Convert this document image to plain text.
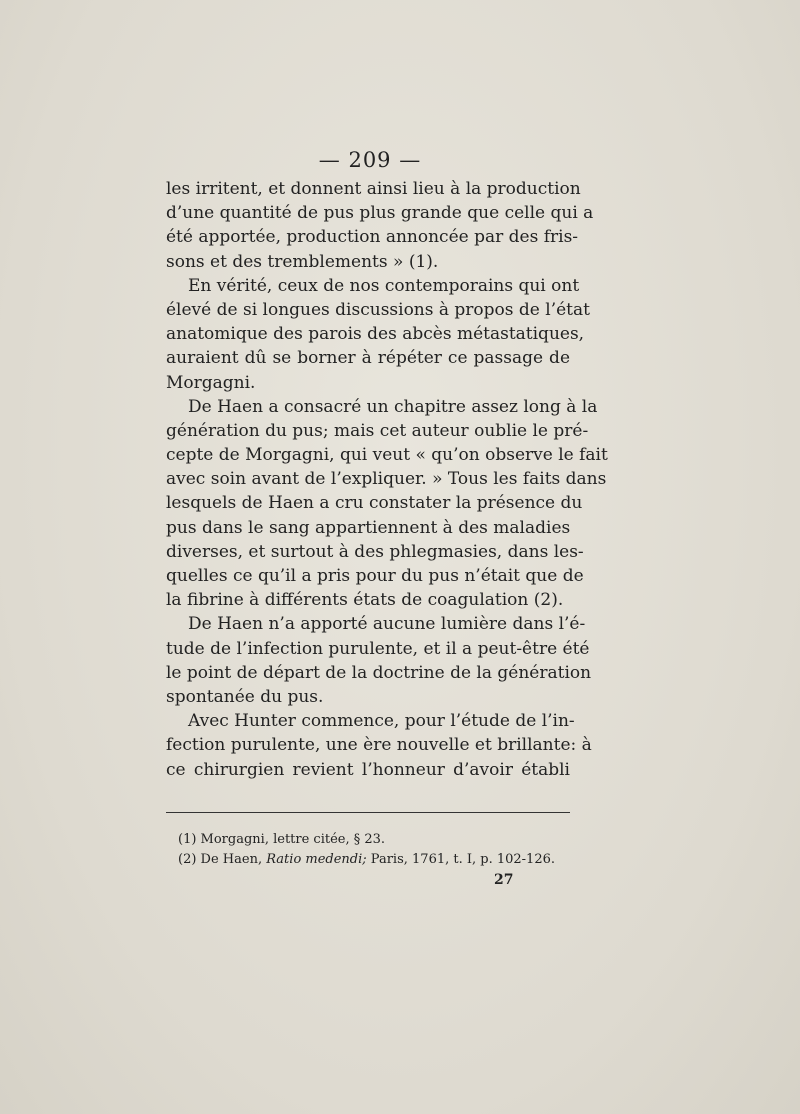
— 209 —
les irritent, et donnent ainsi lieu à la production
d’une quantité de pus plus grande que celle qui a
été apportée, production annoncée par des fris-
sons et des tremblements » (1).
En vérité, ceux de nos contemporains qui ont
élevé de si longues discussions à propos de l’état
anatomique des parois des abcès métastatiques,
auraient dû se borner à répéter ce passage de
Morgagni.
De Haen a consacré un chapitre assez long à la
génération du pus; mais cet auteur oublie le pré-
cepte de Morgagni, qui veut « qu’on observe le fait
avec soin avant de l’expliquer. » Tous les faits dans
lesquels de Haen a cru constater la présence du
pus dans le sang appartiennent à des maladies
diverses, et surtout à des phlegmasies, dans les-
quelles ce qu’il a pris pour du pus n’était que de
la fibrine à différents états de coagulation (2).
De Haen n’a apporté aucune lumière dans l’é-
tude de l’infection purulente, et il a peut-être été
le point de départ de la doctrine de la génération
spontanée du pus.
Avec Hunter commence, pour l’étude de l’in-
fection purulente, une ère nouvelle et brillante: à
ce chirurgien revient l’honneur d’avoir établi
(1) Morgagni, lettre citée, § 23.
(2) De Haen, Ratio medendi; Paris, 1761, t. I, p. 102-126.
27
